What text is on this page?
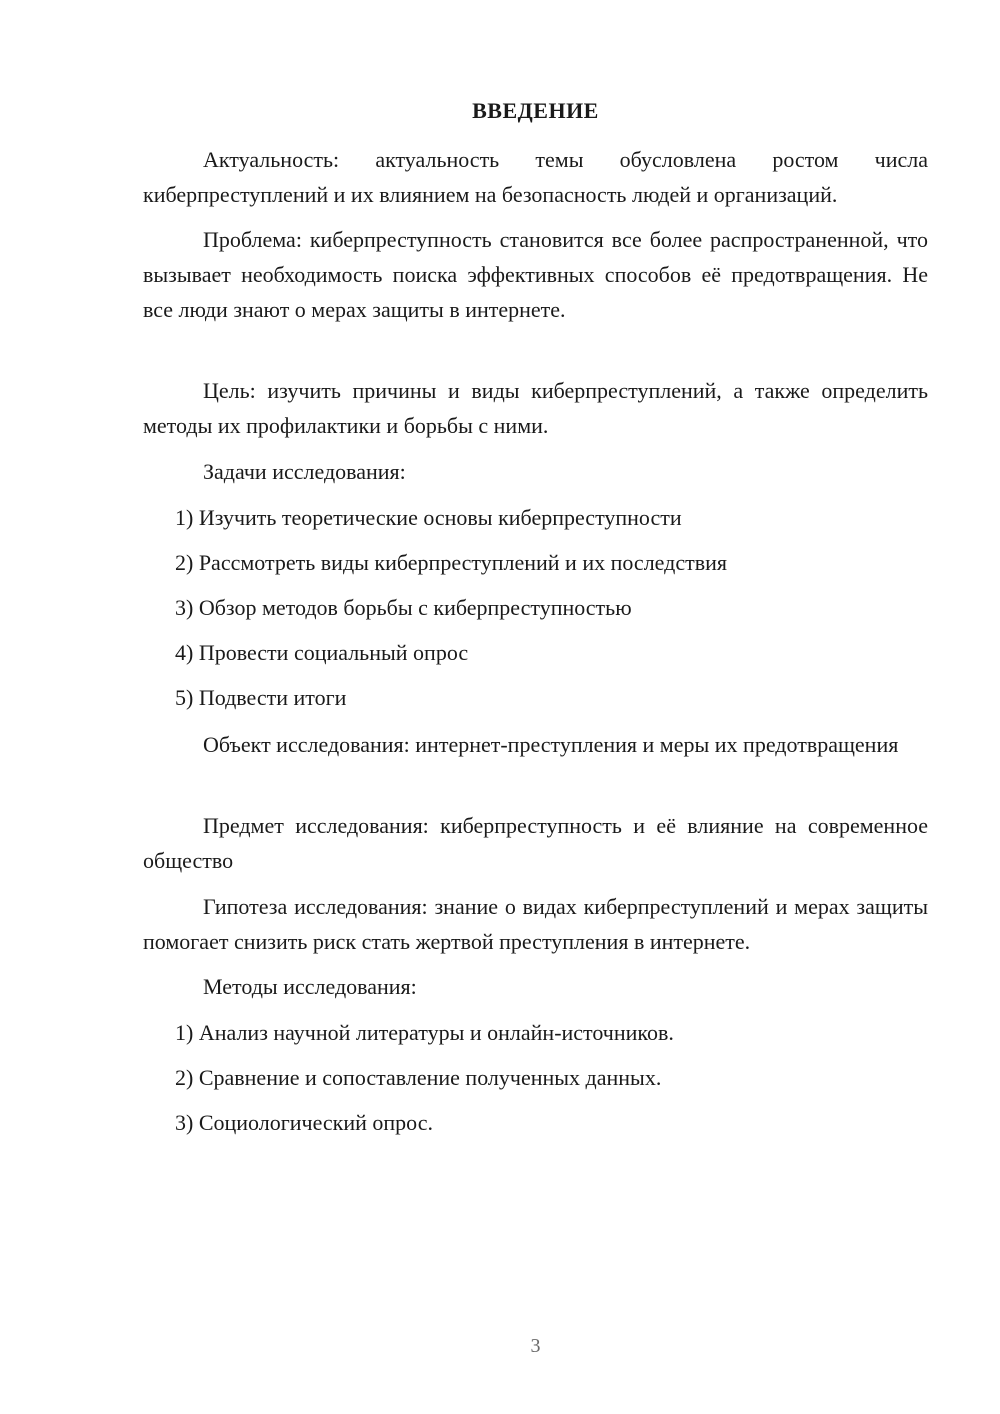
ВВЕДЕНИЕ

Актуальность: актуальность темы обусловлена ростом числа киберпреступлений и их влиянием на безопасность людей и организаций.

Проблема: киберпреступность становится все более распространенной, что вызывает необходимость поиска эффективных способов её предотвращения. Не все люди знают о мерах защиты в интернете.

Цель: изучить причины и виды киберпреступлений, а также определить методы их профилактики и борьбы с ними.

Задачи исследования:

1) Изучить теоретические основы киберпреступности

2) Рассмотреть виды киберпреступлений и их последствия

3) Обзор методов борьбы с киберпреступностью

4) Провести социальный опрос

5) Подвести итоги

Объект исследования: интернет-преступления и меры их предотвращения

Предмет исследования: киберпреступность и её влияние на современное общество

Гипотеза исследования: знание о видах киберпреступлений и мерах защиты помогает снизить риск стать жертвой преступления в интернете.

Методы исследования:

1) Анализ научной литературы и онлайн-источников.

2) Сравнение и сопоставление полученных данных.

3) Социологический опрос.

3
